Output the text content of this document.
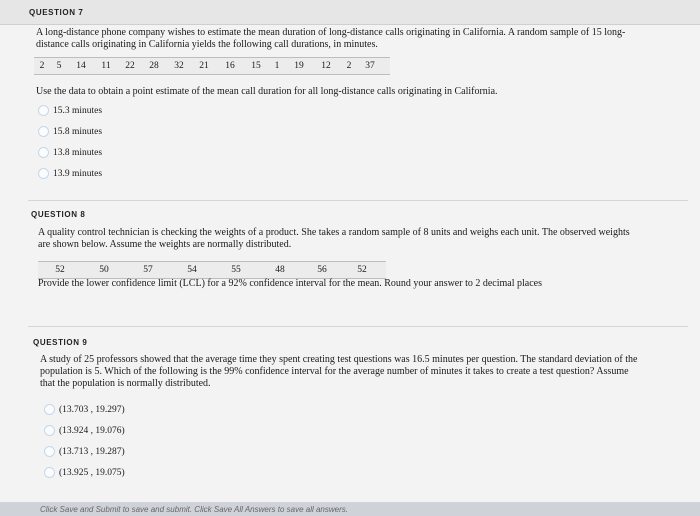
QUESTION 7
A long-distance phone company wishes to estimate the mean duration of long-distance calls originating in California. A random sample of 15 long-distance calls originating in California yields the following call durations, in minutes.
2	5	14	11	22	28	32	21	16	15	1	19	12	2	37
Use the data to obtain a point estimate of the mean call duration for all long-distance calls originating in California.
15.3 minutes
15.8 minutes
13.8 minutes
13.9 minutes
QUESTION 8
A quality control technician is checking the weights of a product. She takes a random sample of 8 units and weighs each unit. The observed weights are shown below. Assume the weights are normally distributed.
52	50	57	54	55	48	56	52
Provide the lower confidence limit (LCL) for a 92% confidence interval for the mean. Round your answer to 2 decimal places
QUESTION 9
A study of 25 professors showed that the average time they spent creating test questions was 16.5 minutes per question. The standard deviation of the population is 5. Which of the following is the 99% confidence interval for the average number of minutes it takes to create a test question? Assume that the population is normally distributed.
(13.703 , 19.297)
(13.924 , 19.076)
(13.713 , 19.287)
(13.925 , 19.075)
Click Save and Submit to save and submit. Click Save All Answers to save all answers.
